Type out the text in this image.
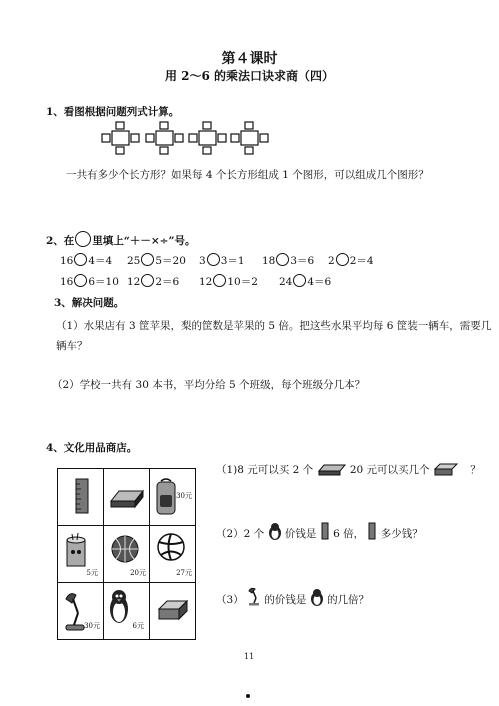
第４课时
用 2～6 的乘法口诀求商（四）
1、看图根据问题列式计算。
一共有多少个长方形？如果每 4 个长方形组成 1 个图形，可以组成几个图形？
2、在 里填上“＋－×÷”号。
16 4＝4 25 5＝20 3 3＝1 18 3＝6 2 2＝4
16 6＝10 12 2＝6 12 10＝2 24 4＝6
3、解决问题。
（1）水果店有 3 筐苹果，梨的筐数是苹果的 5 倍。把这些水果平均每 6 筐装一辆车，需要几
辆车？
（2）学校一共有 30 本书，平均分给 5 个班级，每个班级分几本？
4、文化用品商店。

30元

5元	20元	27元

30元	6元

（1)8 元可以买 2 个	20 元可以买几个	？
（2）2 个 价钱是 6 倍， 多少钱？
（3） 的价钱是 的几倍？
11
